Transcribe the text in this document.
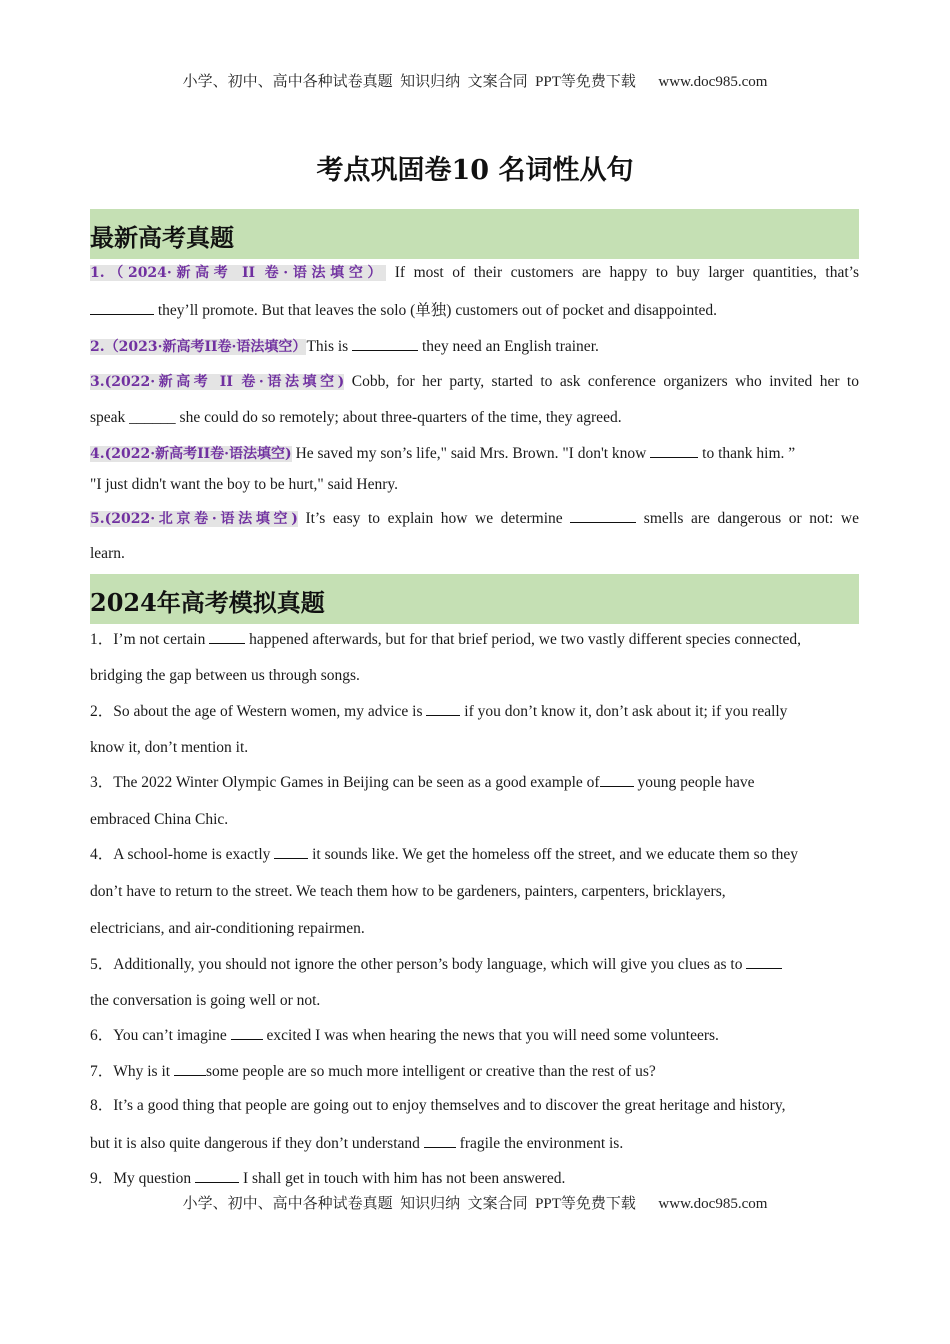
小学、初中、高中各种试卷真题  知识归纳  文案合同  PPT等免费下载      www.doc985.com
考点巩固卷10 名词性从句
最新高考真题
1.（2024·新高考 II 卷·语法填空） If most of their customers are happy to buy larger quantities, that’s
they’ll promote. But that leaves the solo (单独) customers out of pocket and disappointed.
2.（2023·新高考II卷·语法填空）This is	they need an English trainer.
3.(2022·新高考 II 卷·语法填空) Cobb, for her party, started to ask conference organizers who invited her to
speak ______ she could do so remotely; about three-quarters of the time, they agreed.
4.(2022·新高考II卷·语法填空) He saved my son’s life," said Mrs. Brown. "I don't know	to thank him. ”
"I just didn't want the boy to be hurt," said Henry.
5.(2022·北京卷·语法填空) It’s easy to explain how we determine	smells are dangerous or not: we
learn.
2024年高考模拟真题
1．I’m not certain  happened afterwards, but for that brief period, we two vastly different species connected,
bridging the gap between us through songs.
2．So about the age of Western women, my advice is  if you don’t know it, don’t ask about it; if you really
know it, don’t mention it.
3．The 2022 Winter Olympic Games in Beijing can be seen as a good example of young people have
embraced China Chic.
4．A school-home is exactly  it sounds like. We get the homeless off the street, and we educate them so they
don’t have to return to the street. We teach them how to be gardeners, painters, carpenters, bricklayers,
electricians, and air-conditioning repairmen.
5．Additionally, you should not ignore the other person’s body language, which will give you clues as to
the conversation is going well or not.
6．You can’t imagine  excited I was when hearing the news that you will need some volunteers.
7．Why is it some people are so much more intelligent or creative than the rest of us?
8．It’s a good thing that people are going out to enjoy themselves and to discover the great heritage and history,
but it is also quite dangerous if they don’t understand  fragile the environment is.
9．My question	I shall get in touch with him has not been answered.
小学、初中、高中各种试卷真题  知识归纳  文案合同  PPT等免费下载      www.doc985.com
